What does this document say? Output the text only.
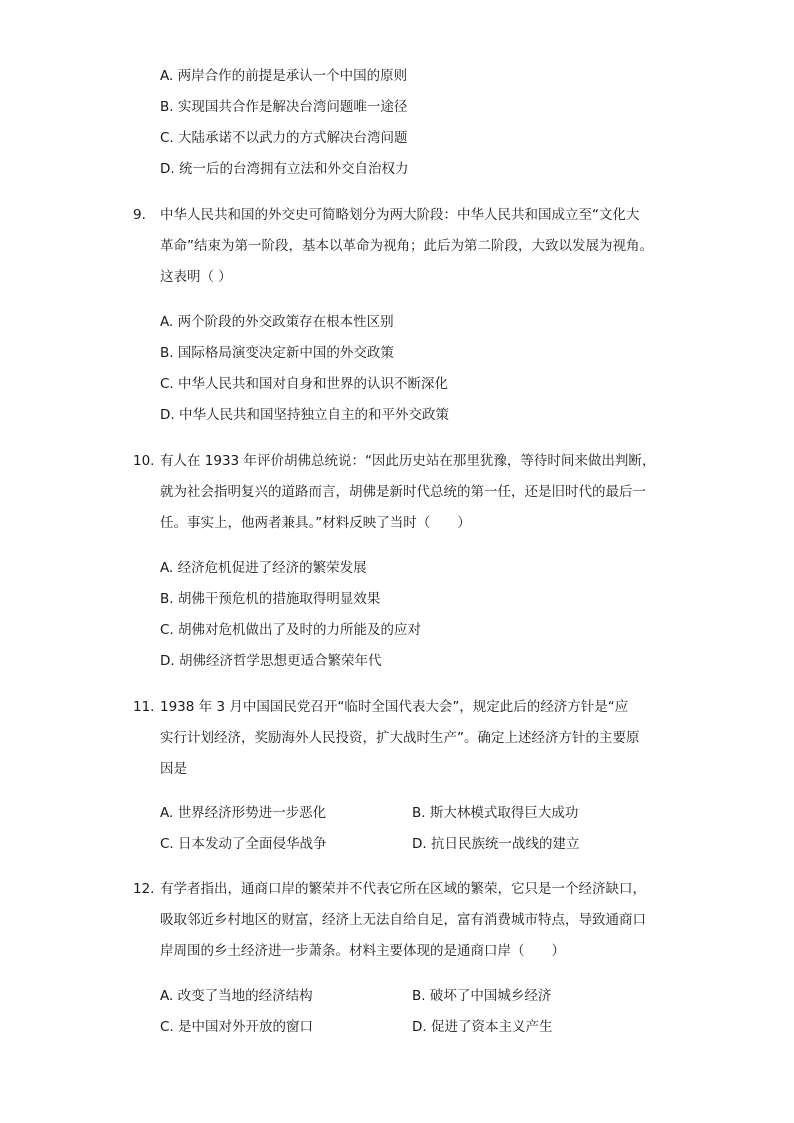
A. 两岸合作的前提是承认一个中国的原则
B. 实现国共合作是解决台湾问题唯一途径
C. 大陆承诺不以武力的方式解决台湾问题
D. 统一后的台湾拥有立法和外交自治权力
9. 中华人民共和国的外交史可简略划分为两大阶段：中华人民共和国成立至“文化大
革命”结束为第一阶段，基本以革命为视角；此后为第二阶段，大致以发展为视角。
这表明（ ）
A. 两个阶段的外交政策存在根本性区别
B. 国际格局演变决定新中国的外交政策
C. 中华人民共和国对自身和世界的认识不断深化
D. 中华人民共和国坚持独立自主的和平外交政策
10. 有人在 1933 年评价胡佛总统说：“因此历史站在那里犹豫，等待时间来做出判断，
就为社会指明复兴的道路而言，胡佛是新时代总统的第一任，还是旧时代的最后一
任。事实上，他两者兼具。”材料反映了当时（　　）
A. 经济危机促进了经济的繁荣发展
B. 胡佛干预危机的措施取得明显效果
C. 胡佛对危机做出了及时的力所能及的应对
D. 胡佛经济哲学思想更适合繁荣年代
11. 1938 年 3 月中国国民党召开“临时全国代表大会”，规定此后的经济方针是“应
实行计划经济，奖励海外人民投资，扩大战时生产”。确定上述经济方针的主要原
因是
A. 世界经济形势进一步恶化	B. 斯大林模式取得巨大成功
C. 日本发动了全面侵华战争	D. 抗日民族统一战线的建立
12. 有学者指出，通商口岸的繁荣并不代表它所在区域的繁荣，它只是一个经济缺口，
吸取邻近乡村地区的财富，经济上无法自给自足，富有消费城市特点，导致通商口
岸周围的乡土经济进一步萧条。材料主要体现的是通商口岸（　　）
A. 改变了当地的经济结构	B. 破坏了中国城乡经济
C. 是中国对外开放的窗口	D. 促进了资本主义产生
